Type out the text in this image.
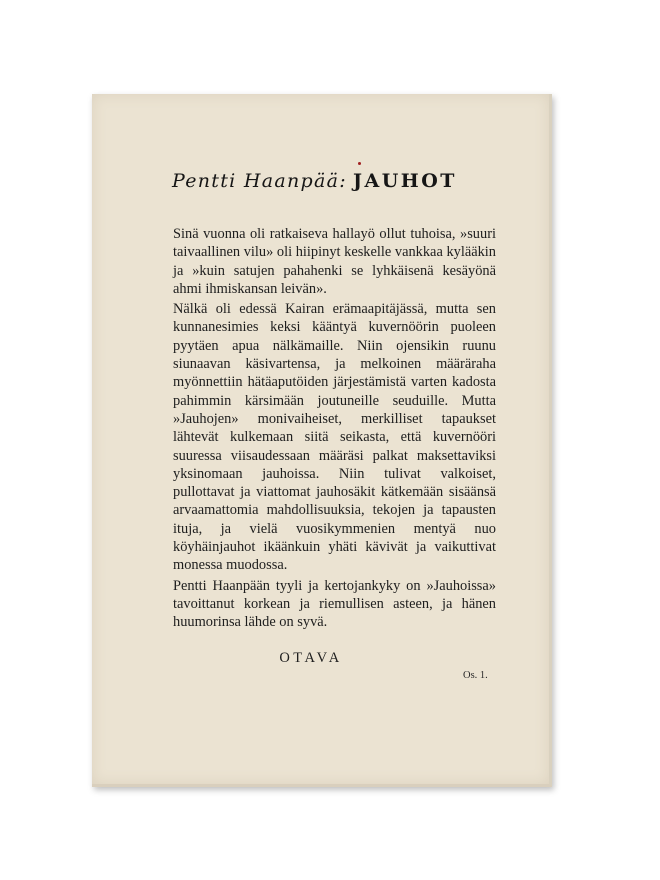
Pentti Haanpää: JAUHOT

Sinä vuonna oli ratkaiseva hallayö ollut tuhoisa, »suuri taivaallinen vilu» oli hiipinyt keskelle vankkaa kylääkin ja »kuin satujen pahahenki se lyhkäisenä kesäyönä ahmi ihmiskansan leivän».

Nälkä oli edessä Kairan erämaapitäjässä, mutta sen kunnanesimies keksi kääntyä kuvernöörin puoleen pyytäen apua nälkämaille. Niin ojensikin ruunu siunaavan käsivartensa, ja melkoinen määräraha myönnettiin hätäaputöiden järjestämistä varten kadosta pahimmin kärsimään joutuneille seuduille. Mutta »Jauhojen» monivaiheiset, merkilliset tapaukset lähtevät kulkemaan siitä seikasta, että kuvernööri suuressa viisaudessaan määräsi palkat maksettaviksi yksinomaan jauhoissa. Niin tulivat valkoiset, pullottavat ja viattomat jauhosäkit kätkemään sisäänsä arvaamattomia mahdollisuuksia, tekojen ja tapausten ituja, ja vielä vuosikymmenien mentyä nuo köyhäinjauhot ikäänkuin yhäti kävivät ja vaikuttivat monessa muodossa.

Pentti Haanpään tyyli ja kertojankyky on »Jauhoissa» tavoittanut korkean ja riemullisen asteen, ja hänen huumorinsa lähde on syvä.

OTAVA
Os. 1.
